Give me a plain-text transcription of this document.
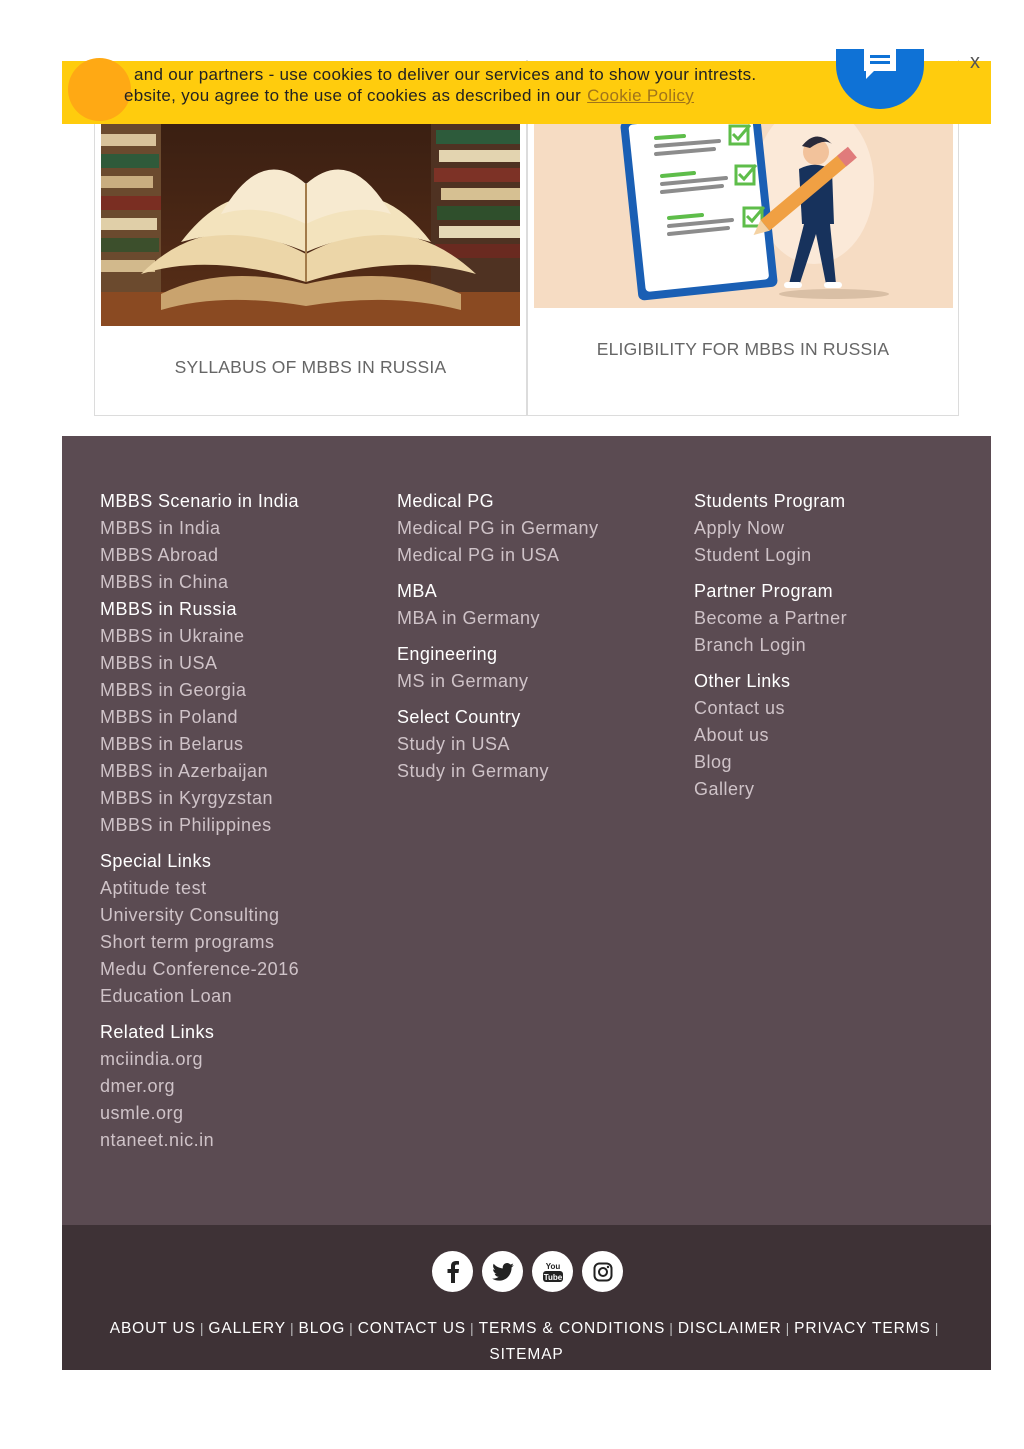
SYLLABUS OF MBBS IN RUSSIA
ELIGIBILITY FOR MBBS IN RUSSIA
and our partners - use cookies to deliver our services and to show your intrests.
ebsite, you agree to the use of cookies as described in our Cookie Policy
x
MBBS Scenario in India
MBBS in India
MBBS Abroad
MBBS in China
MBBS in Russia
MBBS in Ukraine
MBBS in USA
MBBS in Georgia
MBBS in Poland
MBBS in Belarus
MBBS in Azerbaijan
MBBS in Kyrgyzstan
MBBS in Philippines
Special Links
Aptitude test
University Consulting
Short term programs
Medu Conference-2016
Education Loan
Related Links
mciindia.org
dmer.org
usmle.org
ntaneet.nic.in
Medical PG
Medical PG in Germany
Medical PG in USA
MBA
MBA in Germany
Engineering
MS in Germany
Select Country
Study in USA
Study in Germany
Students Program
Apply Now
Student Login
Partner Program
Become a Partner
Branch Login
Other Links
Contact us
About us
Blog
Gallery
You
Tube
ABOUT US | GALLERY | BLOG | CONTACT US | TERMS & CONDITIONS | DISCLAIMER | PRIVACY TERMS |
SITEMAP
